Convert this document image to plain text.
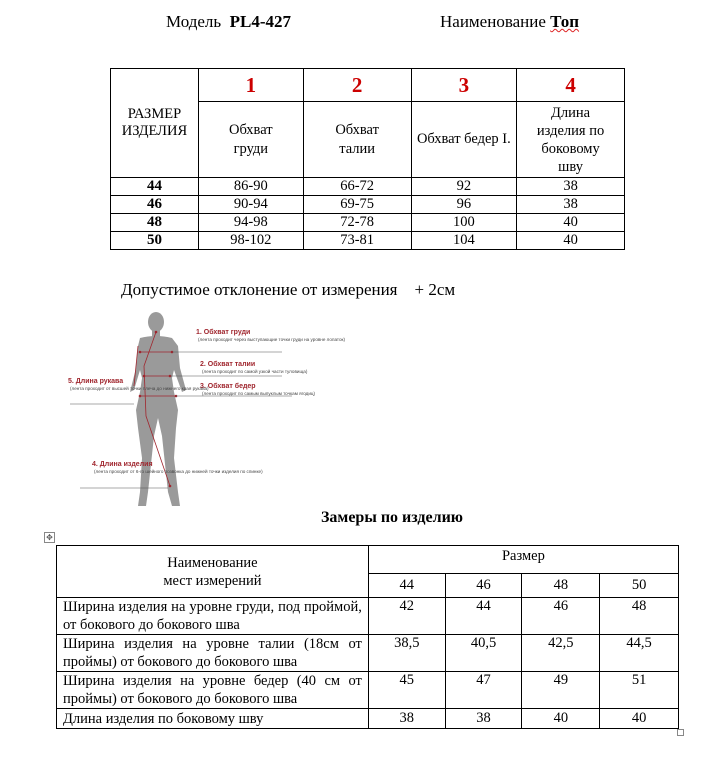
Модель PL4-427	Наименование Топ
РАЗМЕР ИЗДЕЛИЯ	1	2	3	4
	Обхват груди	Обхват талии	Обхват бедер I.	Длина изделия по боковому шву
44	86-90	66-72	92	38
46	90-94	69-75	96	38
48	94-98	72-78	100	40
50	98-102	73-81	104	40
Допустимое отклонение от измерения + 2см
1. Обхват груди
(лента проходит через выступающие точки груди на уровне лопаток)
2. Обхват талии
(лента проходит по самой узкой части туловища)
3. Обхват бедер
(лента проходит по самым выпуклым точкам ягодиц)
4. Длина изделия
(лента проходит от 6-го шейного позвонка до нижней точки изделия по спинке)
5. Длина рукава
(лента проходит от высшей точки плеча до нижнего края рукава)
Замеры по изделию
✥
Наименование мест измерений	Размер			
	44	46	48	50
Ширина изделия на уровне груди, под проймой, от бокового до бокового шва	42	44	46	48
Ширина изделия на уровне талии (18см от проймы) от бокового до бокового шва	38,5	40,5	42,5	44,5
Ширина изделия на уровне бедер (40 см от проймы) от бокового до бокового шва	45	47	49	51
Длина изделия по боковому шву	38	38	40	40
